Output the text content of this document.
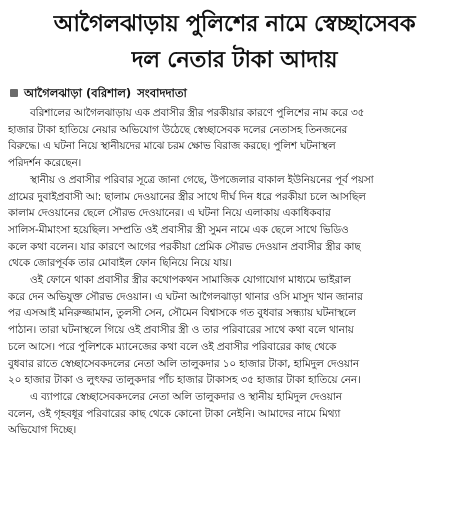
আগৈলঝাড়ায় পুলিশের নামে স্বেচ্ছাসেবক
দল নেতার টাকা আদায়
আগৈলঝাড়া (বরিশাল) সংবাদদাতা
বরিশালের আগৈলঝাড়ায় এক প্রবাসীর স্ত্রীর পরকীয়ার কারণে পুলিশের নাম করে ৩৫
হাজার টাকা হাতিয়ে নেয়ার অভিযোগ উঠেছে স্বেচ্ছাসেবক দলের নেতাসহ তিনজনের
বিরুদ্ধে। এ ঘটনা নিয়ে স্থানীয়দের মাঝে চরম ক্ষোভ বিরাজ করছে। পুলিশ ঘটনাস্থল
পরিদর্শন করেছেন।
স্থানীয় ও প্রবাসীর পরিবার সূত্রে জানা গেছে, উপজেলার বাকাল ইউনিয়নের পূর্ব পয়সা
গ্রামের দুবাইপ্রবাসী আ: ছালাম দেওয়ানের স্ত্রীর সাথে দীর্ঘ দিন ধরে পরকীয়া চলে আসছিল
কালাম দেওয়ানের ছেলে সৌরভ দেওয়ানের। এ ঘটনা নিয়ে এলাকায় একাধিকবার
সালিস-মীমাংসা হয়েছিল। সম্প্রতি ওই প্রবাসীর স্ত্রী সুমন নামে এক ছেলে সাথে ভিডিও
কলে কথা বলেন। যার কারণে আগের পরকীয়া প্রেমিক সৌরভ দেওয়ান প্রবাসীর স্ত্রীর কাছ
থেকে জোরপূর্বক তার মোবাইল ফোন ছিনিয়ে নিয়ে যায়।
ওই ফোনে থাকা প্রবাসীর স্ত্রীর কথোপকথন সামাজিক যোগাযোগ মাধ্যমে ভাইরাল
করে দেন অভিযুক্ত সৌরভ দেওয়ান। এ ঘটনা আগৈলঝাড়া থানার ওসি মাসুদ খান জানার
পর এসআই মনিরুজ্জামান, তুলসী সেন, সৌমেন বিশ্বাসকে গত বুধবার সন্ধ্যায় ঘটনাস্থলে
পাঠান। তারা ঘটনাস্থলে গিয়ে ওই প্রবাসীর স্ত্রী ও তার পরিবারের সাথে কথা বলে থানায়
চলে আসে। পরে পুলিশকে ম্যানেজের কথা বলে ওই প্রবাসীর পরিবারের কাছ থেকে
বুধবার রাতে স্বেচ্ছাসেবকদলের নেতা অলি তালুকদার ১০ হাজার টাকা, হামিদুল দেওয়ান
২০ হাজার টাকা ও লুৎফর তালুকদার পাঁচ হাজার টাকাসহ ৩৫ হাজার টাকা হাতিয়ে নেন।
এ ব্যাপারে স্বেচ্ছাসেবকদলের নেতা অলি তালুকদার ও স্থানীয় হামিদুল দেওয়ান
বলেন, ওই গৃহবধূর পরিবারের কাছ থেকে কোনো টাকা নেইনি। আমাদের নামে মিথ্যা
অভিযোগ দিচ্ছে।
